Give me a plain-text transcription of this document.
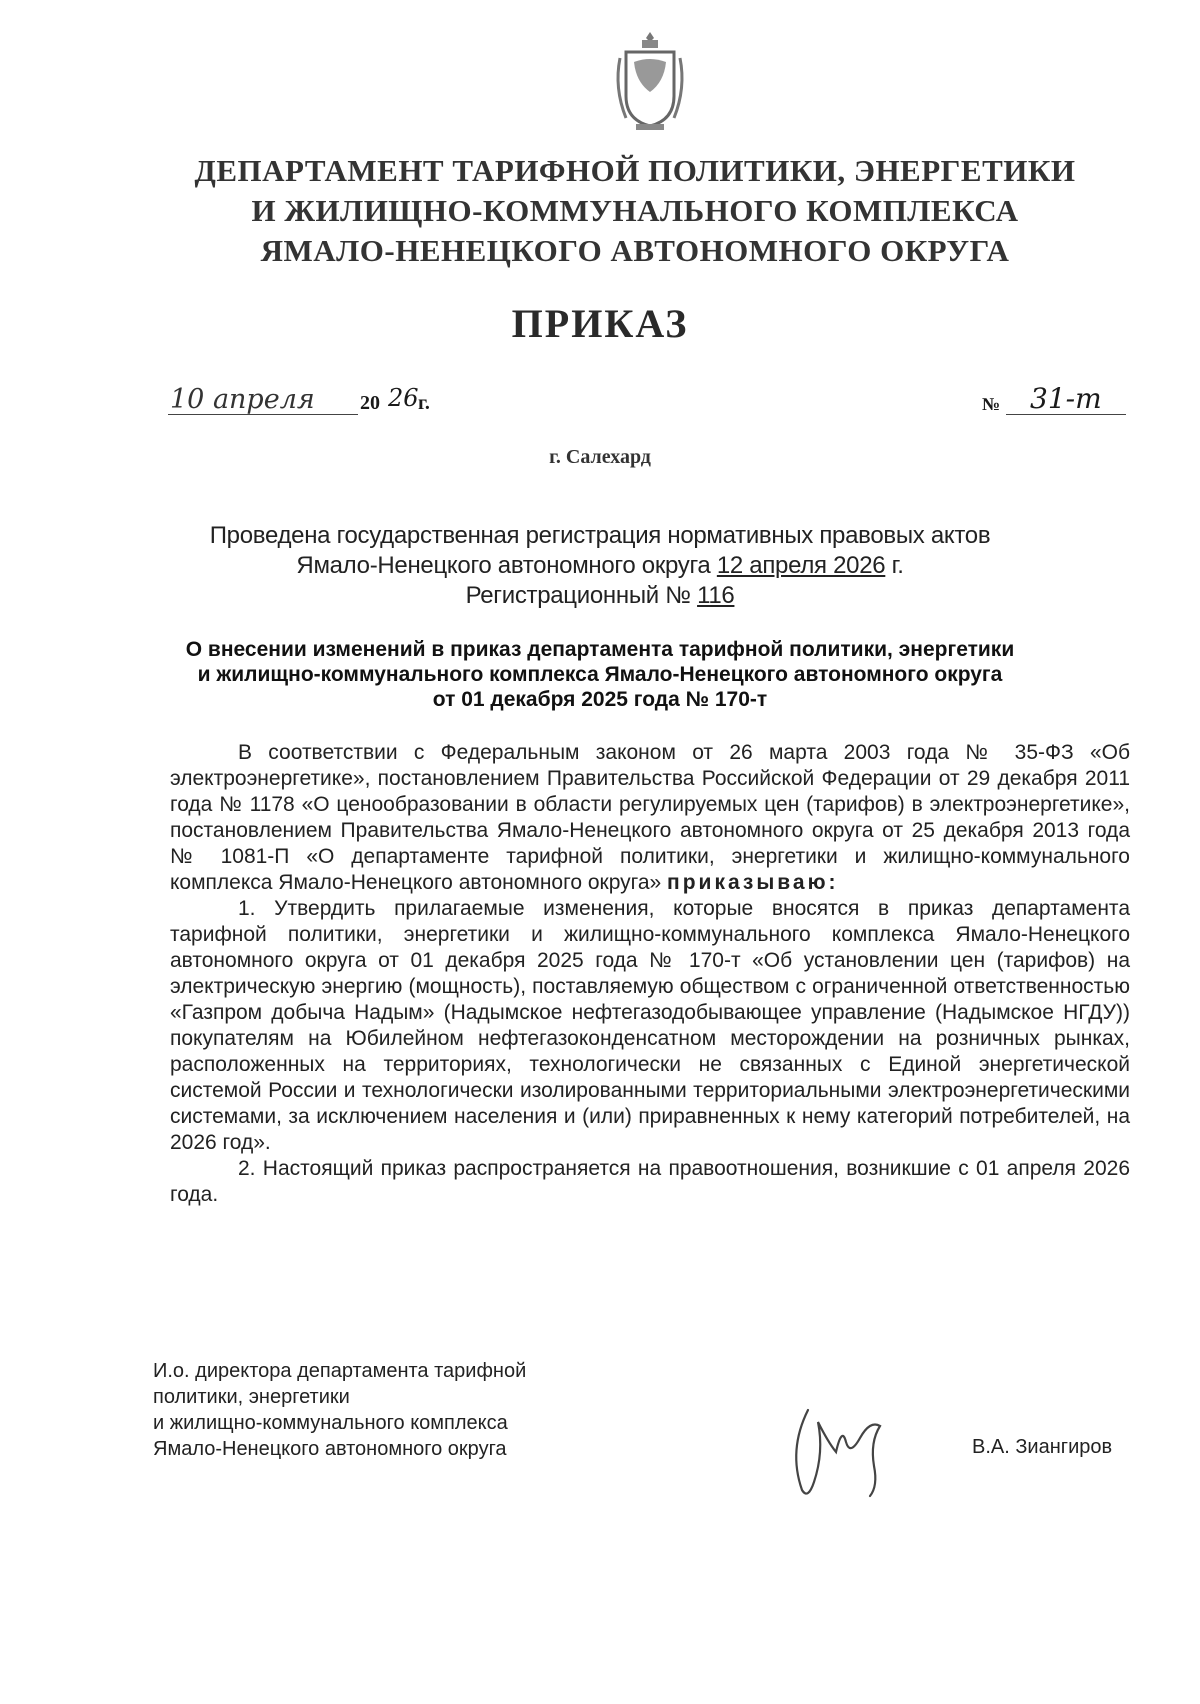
ДЕПАРТАМЕНТ ТАРИФНОЙ ПОЛИТИКИ, ЭНЕРГЕТИКИ
И ЖИЛИЩНО-КОММУНАЛЬНОГО КОМПЛЕКСА
ЯМАЛО-НЕНЕЦКОГО АВТОНОМНОГО ОКРУГА
ПРИКАЗ
10 апреля 20 26 г.	№ 31-т
г. Салехард
Проведена государственная регистрация нормативных правовых актов
Ямало-Ненецкого автономного округа 12 апреля 2026 г.
Регистрационный № 116
О внесении изменений в приказ департамента тарифной политики, энергетики
и жилищно-коммунального комплекса Ямало-Ненецкого автономного округа
от 01 декабря 2025 года № 170-т

В соответствии с Федеральным законом от 26 марта 2003 года № 35-ФЗ «Об электроэнергетике», постановлением Правительства Российской Федерации от 29 декабря 2011 года № 1178 «О ценообразовании в области регулируемых цен (тарифов) в электроэнергетике», постановлением Правительства Ямало-Ненецкого автономного округа от 25 декабря 2013 года № 1081-П «О департаменте тарифной политики, энергетики и жилищно-коммунального комплекса Ямало-Ненецкого автономного округа» приказываю:

1. Утвердить прилагаемые изменения, которые вносятся в приказ департамента тарифной политики, энергетики и жилищно-коммунального комплекса Ямало-Ненецкого автономного округа от 01 декабря 2025 года № 170-т «Об установлении цен (тарифов) на электрическую энергию (мощность), поставляемую обществом с ограниченной ответственностью «Газпром добыча Надым» (Надымское нефтегазодобывающее управление (Надымское НГДУ)) покупателям на Юбилейном нефтегазоконденсатном месторождении на розничных рынках, расположенных на территориях, технологически не связанных с Единой энергетической системой России и технологически изолированными территориальными электроэнергетическими системами, за исключением населения и (или) приравненных к нему категорий потребителей, на 2026 год».

2. Настоящий приказ распространяется на правоотношения, возникшие с 01 апреля 2026 года.

И.о. директора департамента тарифной
политики, энергетики
и жилищно-коммунального комплекса
Ямало-Ненецкого автономного округа	В.А. Зиангиров
